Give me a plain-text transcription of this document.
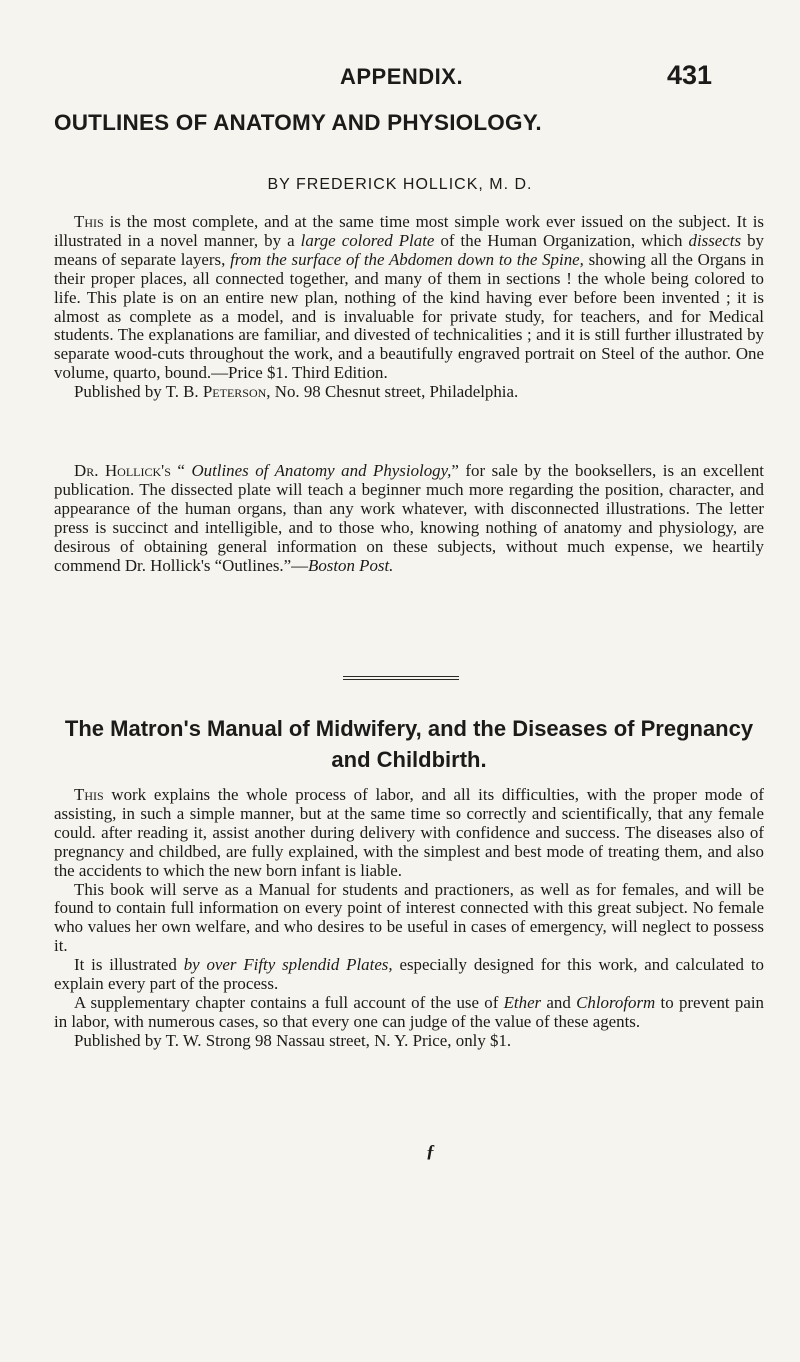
APPENDIX.	431
OUTLINES OF ANATOMY AND PHYSIOLOGY.
BY FREDERICK HOLLICK, M. D.

This is the most complete, and at the same time most simple work ever issued on the subject. It is illustrated in a novel manner, by a large colored Plate of the Human Organization, which dissects by means of separate layers, from the surface of the Abdomen down to the Spine, showing all the Organs in their proper places, all connected together, and many of them in sections ! the whole being colored to life. This plate is on an entire new plan, nothing of the kind having ever before been invented ; it is almost as complete as a model, and is invaluable for private study, for teachers, and for Medical students. The explanations are familiar, and divested of technicalities ; and it is still further illustrated by separate wood-cuts throughout the work, and a beautifully engraved portrait on Steel of the author. One volume, quarto, bound.—Price $1. Third Edition.

Published by T. B. Peterson, No. 98 Chesnut street, Philadelphia.

Dr. Hollick's “ Outlines of Anatomy and Physiology,” for sale by the booksellers, is an excellent publication. The dissected plate will teach a beginner much more regarding the position, character, and appearance of the human organs, than any work whatever, with disconnected illustrations. The letter press is succinct and intelligible, and to those who, knowing nothing of anatomy and physiology, are desirous of obtaining general information on these subjects, without much expense, we heartily commend Dr. Hollick's “Outlines.”—Boston Post.

The Matron's Manual of Midwifery, and the Diseases of Pregnancy and Childbirth.

This work explains the whole process of labor, and all its difficulties, with the proper mode of assisting, in such a simple manner, but at the same time so correctly and scientifically, that any female could. after reading it, assist another during delivery with confidence and success. The diseases also of pregnancy and childbed, are fully explained, with the simplest and best mode of treating them, and also the accidents to which the new born infant is liable.

This book will serve as a Manual for students and practioners, as well as for females, and will be found to contain full information on every point of interest connected with this great subject. No female who values her own welfare, and who desires to be useful in cases of emergency, will neglect to possess it.

It is illustrated by over Fifty splendid Plates, especially designed for this work, and calculated to explain every part of the process.

A supplementary chapter contains a full account of the use of Ether and Chloroform to prevent pain in labor, with numerous cases, so that every one can judge of the value of these agents.

Published by T. W. Strong 98 Nassau street, N. Y. Price, only $1.

ƒ
